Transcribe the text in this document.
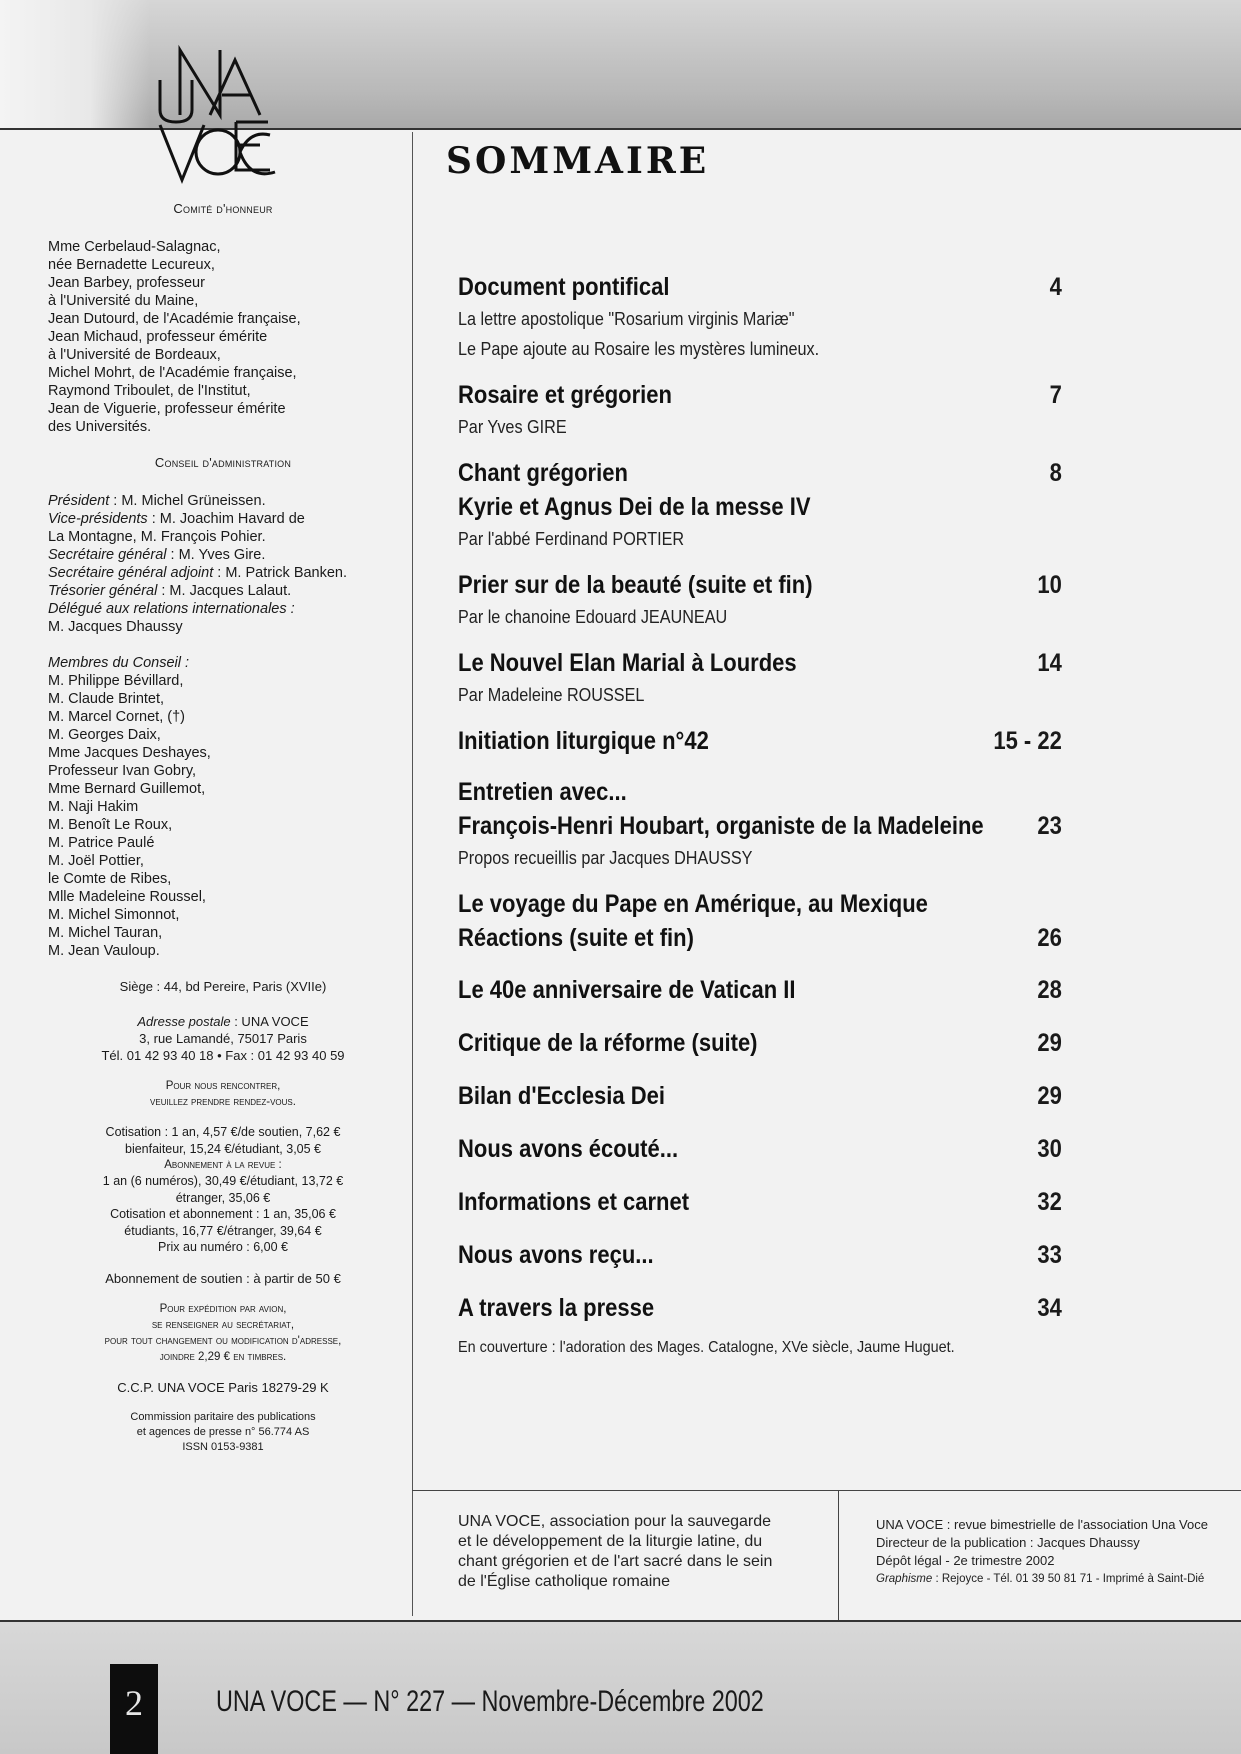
Comité d'honneur
Mme Cerbelaud-Salagnac,
née Bernadette Lecureux,
Jean Barbey, professeur
à l'Université du Maine,
Jean Dutourd, de l'Académie française,
Jean Michaud, professeur émérite
à l'Université de Bordeaux,
Michel Mohrt, de l'Académie française,
Raymond Triboulet, de l'Institut,
Jean de Viguerie, professeur émérite
des Universités.
Conseil d'administration
Président : M. Michel Grüneissen.
Vice-présidents : M. Joachim Havard de
La Montagne, M. François Pohier.
Secrétaire général : M. Yves Gire.
Secrétaire général adjoint : M. Patrick Banken.
Trésorier général : M. Jacques Lalaut.
Délégué aux relations internationales :
M. Jacques Dhaussy
Membres du Conseil :
M. Philippe Bévillard,
M. Claude Brintet,
M. Marcel Cornet, (†)
M. Georges Daix,
Mme Jacques Deshayes,
Professeur Ivan Gobry,
Mme Bernard Guillemot,
M. Naji Hakim
M. Benoît Le Roux,
M. Patrice Paulé
M. Joël Pottier,
le Comte de Ribes,
Mlle Madeleine Roussel,
M. Michel Simonnot,
M. Michel Tauran,
M. Jean Vauloup.
Siège : 44, bd Pereire, Paris (XVIIe)
Adresse postale : UNA VOCE
3, rue Lamandé, 75017 Paris
Tél. 01 42 93 40 18 • Fax : 01 42 93 40 59
Pour nous rencontrer,
veuillez prendre rendez-vous.
Cotisation : 1 an, 4,57 €/de soutien, 7,62 €
bienfaiteur, 15,24 €/étudiant, 3,05 €
Abonnement à la revue :
1 an (6 numéros), 30,49 €/étudiant, 13,72 €
étranger, 35,06 €
Cotisation et abonnement : 1 an, 35,06 €
étudiants, 16,77 €/étranger, 39,64 €
Prix au numéro : 6,00 €
Abonnement de soutien : à partir de 50 €
Pour expédition par avion,
se renseigner au secrétariat,
pour tout changement ou modification d'adresse,
joindre 2,29 € en timbres.
C.C.P. UNA VOCE Paris 18279-29 K
Commission paritaire des publications
et agences de presse n° 56.774 AS
ISSN 0153-9381
SOMMAIRE
Document pontifical	4
La lettre apostolique "Rosarium virginis Mariæ"
Le Pape ajoute au Rosaire les mystères lumineux.
Rosaire et grégorien	7
Par Yves GIRE
Chant grégorien	8
Kyrie et Agnus Dei de la messe IV
Par l'abbé Ferdinand PORTIER
Prier sur de la beauté (suite et fin)	10
Par le chanoine Edouard JEAUNEAU
Le Nouvel Elan Marial à Lourdes	14
Par Madeleine ROUSSEL
Initiation liturgique n°42	15 - 22
Entretien avec...
François-Henri Houbart, organiste de la Madeleine 23
Propos recueillis par Jacques DHAUSSY
Le voyage du Pape en Amérique, au Mexique
Réactions (suite et fin)	26
Le 40e anniversaire de Vatican II	28
Critique de la réforme (suite)	29
Bilan d'Ecclesia Dei	29
Nous avons écouté...	30
Informations et carnet	32
Nous avons reçu...	33
A travers la presse	34
En couverture : l'adoration des Mages. Catalogne, XVe siècle, Jaume Huguet.
UNA VOCE, association pour la sauvegarde
et le développement de la liturgie latine, du
chant grégorien et de l'art sacré dans le sein
de l'Église catholique romaine
UNA VOCE : revue bimestrielle de l'association Una Voce
Directeur de la publication : Jacques Dhaussy
Dépôt légal - 2e trimestre 2002
Graphisme : Rejoyce - Tél. 01 39 50 81 71 - Imprimé à Saint-Dié
2	UNA VOCE — N° 227 — Novembre-Décembre 2002
